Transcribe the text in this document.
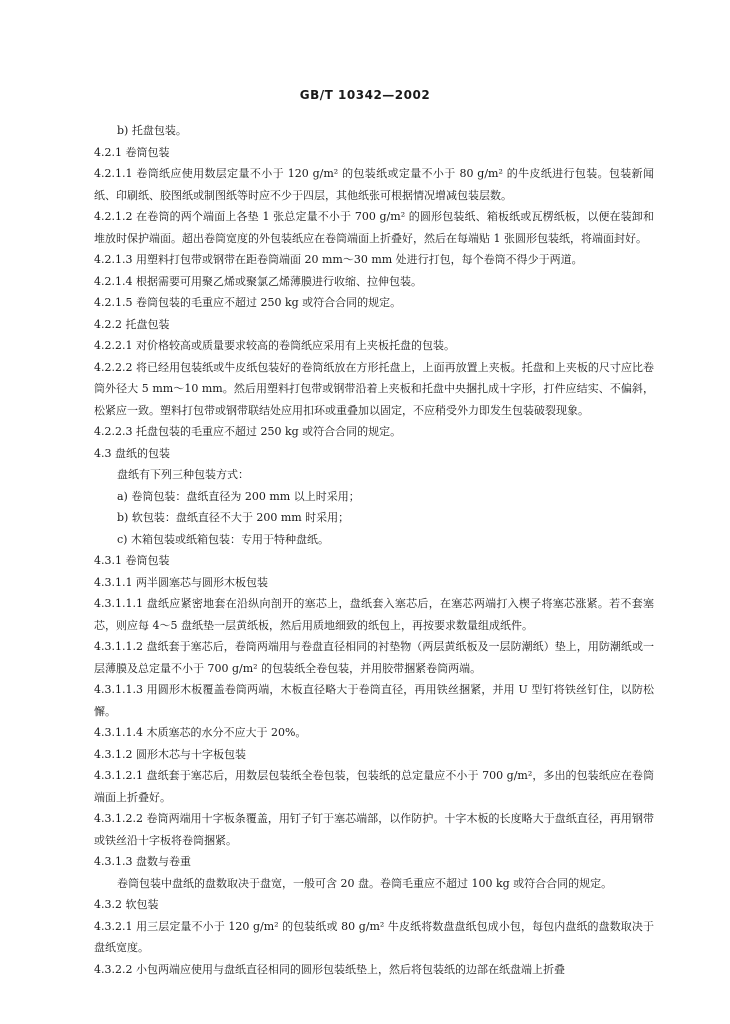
GB/T 10342—2002

b) 托盘包装。

4.2.1 卷筒包装

4.2.1.1 卷筒纸应使用数层定量不小于 120 g/m² 的包装纸或定量不小于 80 g/m² 的牛皮纸进行包装。包装新闻纸、印刷纸、胶图纸或制图纸等时应不少于四层，其他纸张可根据情况增减包装层数。

4.2.1.2 在卷筒的两个端面上各垫 1 张总定量不小于 700 g/m² 的圆形包装纸、箱板纸或瓦楞纸板，以便在装卸和堆放时保护端面。超出卷筒宽度的外包装纸应在卷筒端面上折叠好，然后在每端贴 1 张圆形包装纸，将端面封好。

4.2.1.3 用塑料打包带或钢带在距卷筒端面 20 mm～30 mm 处进行打包，每个卷筒不得少于两道。

4.2.1.4 根据需要可用聚乙烯或聚氯乙烯薄膜进行收缩、拉伸包装。

4.2.1.5 卷筒包装的毛重应不超过 250 kg 或符合合同的规定。

4.2.2 托盘包装

4.2.2.1 对价格较高或质量要求较高的卷筒纸应采用有上夹板托盘的包装。

4.2.2.2 将已经用包装纸或牛皮纸包装好的卷筒纸放在方形托盘上，上面再放置上夹板。托盘和上夹板的尺寸应比卷筒外径大 5 mm～10 mm。然后用塑料打包带或钢带沿着上夹板和托盘中央捆扎成十字形，打件应结实、不偏斜，松紧应一致。塑料打包带或钢带联结处应用扣环或重叠加以固定，不应稍受外力即发生包装破裂现象。

4.2.2.3 托盘包装的毛重应不超过 250 kg 或符合合同的规定。

4.3 盘纸的包装

盘纸有下列三种包装方式：

a) 卷筒包装：盘纸直径为 200 mm 以上时采用；

b) 软包装：盘纸直径不大于 200 mm 时采用；

c) 木箱包装或纸箱包装：专用于特种盘纸。

4.3.1 卷筒包装

4.3.1.1 两半圆塞芯与圆形木板包装

4.3.1.1.1 盘纸应紧密地套在沿纵向剖开的塞芯上，盘纸套入塞芯后，在塞芯两端打入楔子将塞芯涨紧。若不套塞芯，则应每 4～5 盘纸垫一层黄纸板，然后用质地细致的纸包上，再按要求数量组成纸件。

4.3.1.1.2 盘纸套于塞芯后，卷筒两端用与卷盘直径相同的衬垫物（两层黄纸板及一层防潮纸）垫上，用防潮纸或一层薄膜及总定量不小于 700 g/m² 的包装纸全卷包装，并用胶带捆紧卷筒两端。

4.3.1.1.3 用圆形木板覆盖卷筒两端，木板直径略大于卷筒直径，再用铁丝捆紧，并用 U 型钉将铁丝钉住，以防松懈。

4.3.1.1.4 木质塞芯的水分不应大于 20%。

4.3.1.2 圆形木芯与十字板包装

4.3.1.2.1 盘纸套于塞芯后，用数层包装纸全卷包装，包装纸的总定量应不小于 700 g/m²，多出的包装纸应在卷筒端面上折叠好。

4.3.1.2.2 卷筒两端用十字板条覆盖，用钉子钉于塞芯端部，以作防护。十字木板的长度略大于盘纸直径，再用钢带或铁丝沿十字板将卷筒捆紧。

4.3.1.3 盘数与卷重

卷筒包装中盘纸的盘数取决于盘宽，一般可含 20 盘。卷筒毛重应不超过 100 kg 或符合合同的规定。

4.3.2 软包装

4.3.2.1 用三层定量不小于 120 g/m² 的包装纸或 80 g/m² 牛皮纸将数盘盘纸包成小包，每包内盘纸的盘数取决于盘纸宽度。

4.3.2.2 小包两端应使用与盘纸直径相同的圆形包装纸垫上，然后将包装纸的边部在纸盘端上折叠
